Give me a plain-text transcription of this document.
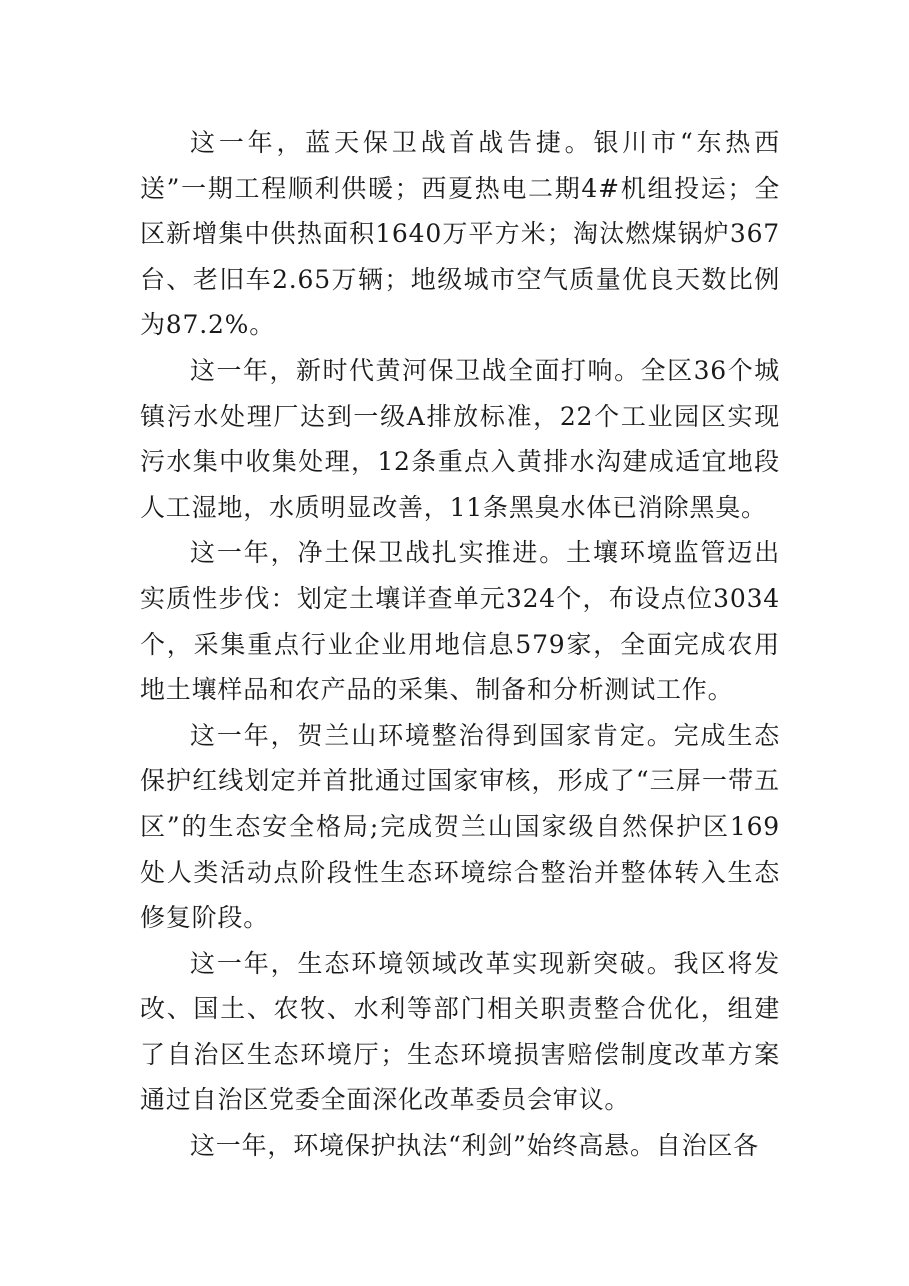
这一年，蓝天保卫战首战告捷。银川市“东热西送”一期工程顺利供暖；西夏热电二期4#机组投运；全区新增集中供热面积1640万平方米；淘汰燃煤锅炉367台、老旧车2.65万辆；地级城市空气质量优良天数比例为87.2%。

这一年，新时代黄河保卫战全面打响。全区36个城镇污水处理厂达到一级A排放标准，22个工业园区实现污水集中收集处理，12条重点入黄排水沟建成适宜地段人工湿地，水质明显改善，11条黑臭水体已消除黑臭。

这一年，净土保卫战扎实推进。土壤环境监管迈出实质性步伐：划定土壤详查单元324个，布设点位3034个，采集重点行业企业用地信息579家，全面完成农用地土壤样品和农产品的采集、制备和分析测试工作。

这一年，贺兰山环境整治得到国家肯定。完成生态保护红线划定并首批通过国家审核，形成了“三屏一带五区”的生态安全格局;完成贺兰山国家级自然保护区169处人类活动点阶段性生态环境综合整治并整体转入生态修复阶段。

这一年，生态环境领域改革实现新突破。我区将发改、国土、农牧、水利等部门相关职责整合优化，组建了自治区生态环境厅；生态环境损害赔偿制度改革方案通过自治区党委全面深化改革委员会审议。

这一年，环境保护执法“利剑”始终高悬。自治区各
